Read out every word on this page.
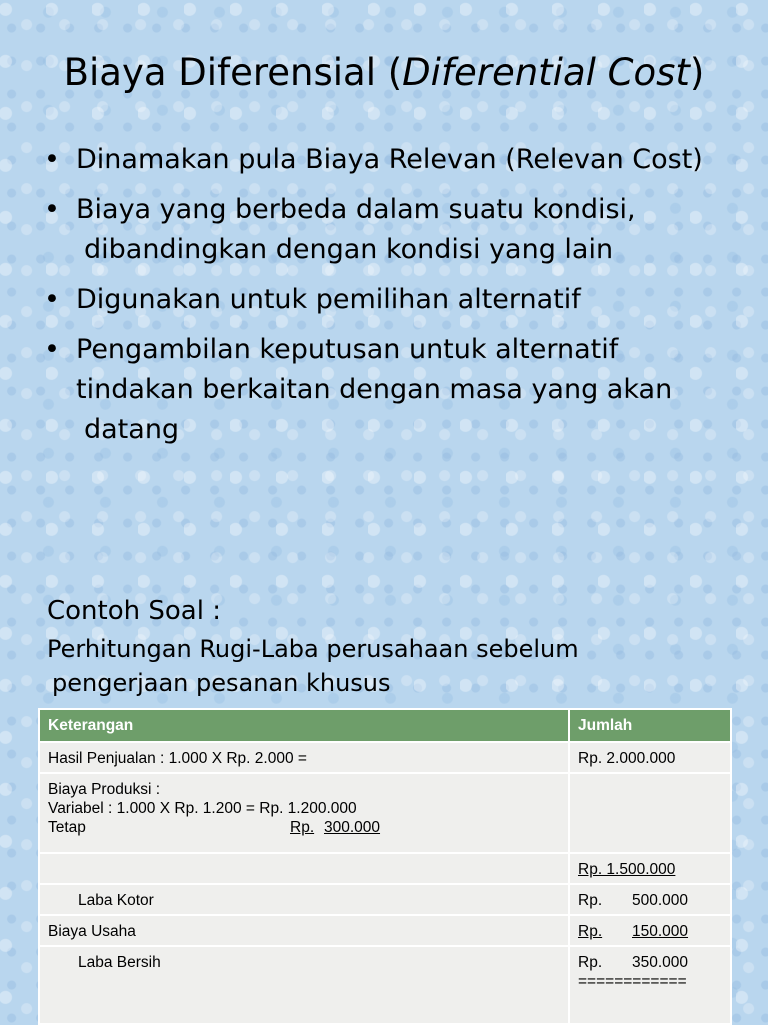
Biaya Diferensial (Diferential Cost)
• Dinamakan pula Biaya Relevan (Relevan Cost)
• Biaya yang berbeda dalam suatu kondisi,
dibandingkan dengan kondisi yang lain
• Digunakan untuk pemilihan alternatif
• Pengambilan keputusan untuk alternatif
tindakan berkaitan dengan masa yang akan
datang
Contoh Soal :
Perhitungan Rugi-Laba perusahaan sebelum
pengerjaan pesanan khusus
Keterangan	Jumlah
Hasil Penjualan : 1.000 X Rp. 2.000 =	Rp. 2.000.000

Biaya Produksi :
Variabel : 1.000 X Rp. 1.200 = Rp. 1.200.000
Tetap Rp. 300.000	

	Rp. 1.500.000
Laba Kotor	Rp. 500.000
Biaya Usaha	Rp. 150.000
Laba Bersih	Rp. 350.000
============
